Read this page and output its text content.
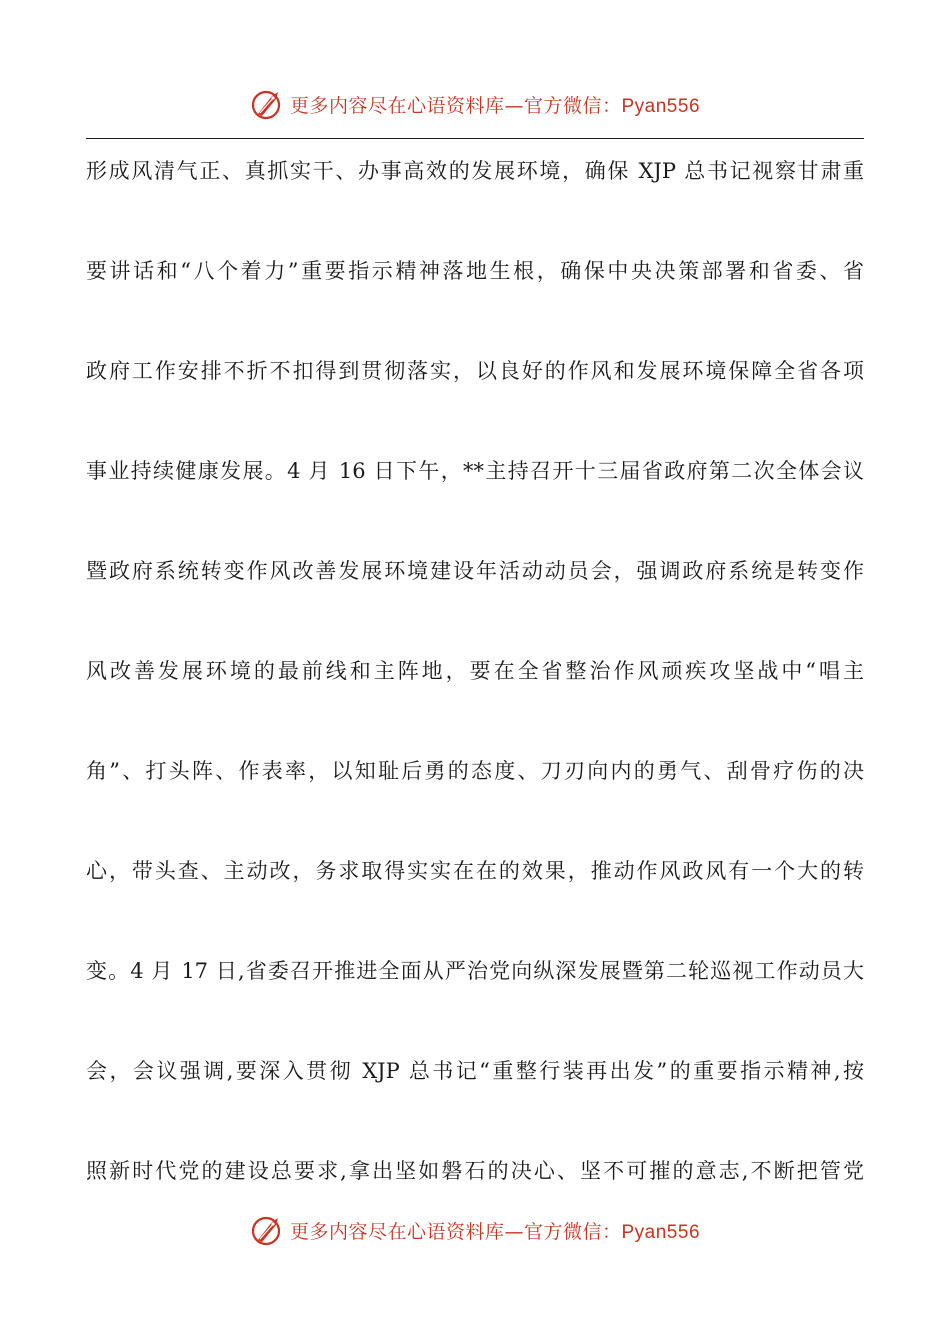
更多内容尽在心语资料库—官方微信：Pyan556
形成风清气正、真抓实干、办事高效的发展环境，确保 XJP 总书记视察甘肃重
要讲话和“八个着力”重要指示精神落地生根，确保中央决策部署和省委、省
政府工作安排不折不扣得到贯彻落实，以良好的作风和发展环境保障全省各项
事业持续健康发展。4 月 16 日下午，**主持召开十三届省政府第二次全体会议
暨政府系统转变作风改善发展环境建设年活动动员会，强调政府系统是转变作
风改善发展环境的最前线和主阵地，要在全省整治作风顽疾攻坚战中“唱主
角”、打头阵、作表率，以知耻后勇的态度、刀刃向内的勇气、刮骨疗伤的决
心，带头查、主动改，务求取得实实在在的效果，推动作风政风有一个大的转
变。4 月 17 日,省委召开推进全面从严治党向纵深发展暨第二轮巡视工作动员大
会，会议强调,要深入贯彻 XJP 总书记“重整行装再出发”的重要指示精神,按
照新时代党的建设总要求,拿出坚如磐石的决心、坚不可摧的意志,不断把管党
更多内容尽在心语资料库—官方微信：Pyan556
